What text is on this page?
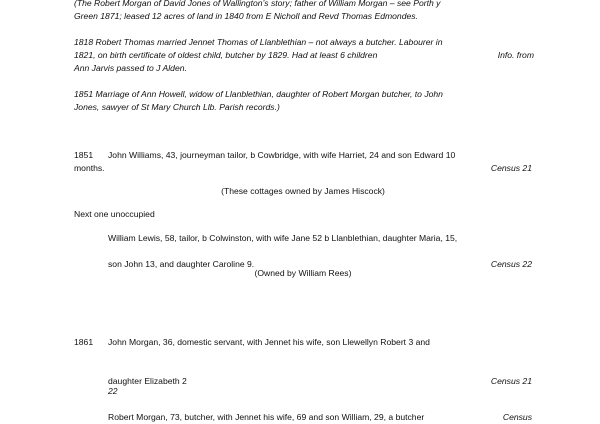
(The Robert Morgan of David Jones of Wallington’s story; father of William Morgan – see Porth y
Green 1871; leased 12 acres of land in 1840 from E Nicholl and Revd Thomas Edmondes.
1818 Robert Thomas married Jennet Thomas of Llanblethian – not always a butcher. Labourer in
1821, on birth certificate of oldest child, butcher by 1829. Had at least 6 children	Info. from
Ann Jarvis passed to J Alden.
1851 Marriage of Ann Howell, widow of Llanblethian, daughter of Robert Morgan butcher, to John
Jones, sawyer of St Mary Church Llb. Parish records.)
1851 John Williams, 43, journeyman tailor, b Cowbridge, with wife Harriet, 24 and son Edward 10
months.	Census 21
(These cottages owned by James Hiscock)
Next one unoccupied
William Lewis, 58, tailor, b Colwinston, with wife Jane 52 b Llanblethian, daughter Maria, 15,
son John 13, and daughter Caroline 9.	Census 22
(Owned by William Rees)
1861 John Morgan, 36, domestic servant, with Jennet his wife, son Llewellyn Robert 3 and
daughter Elizabeth 2	Census 21
Robert Morgan, 73, butcher, with Jennet his wife, 69 and son William, 29, a butcher	Census
22
